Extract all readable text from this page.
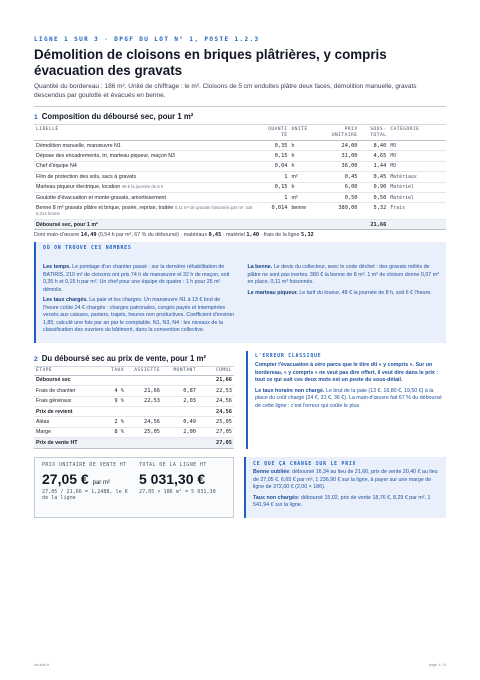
LIGNE 1 SUR 3 · DPGF DU LOT N° 1, POSTE 1.2.3
Démolition de cloisons en briques plâtrières, y compris évacuation des gravats

Quantité du bordereau : 186 m². Unité de chiffrage : le m². Cloisons de 5 cm enduites plâtre deux faces, démolition manuelle, gravats descendus par goulotte et évacués en benne.

1 Composition du déboursé sec, pour 1 m²
LIBELLÉ	QUANTI TÉ	UNITÉ	PRIX UNITAIRE	SOUS-TOTAL	CATÉGORIE
Démolition manuelle, manœuvre N1	0,35	h	24,00	8,40	MO
Dépose des encadrements, tri, marteau piqueur, maçon N3	0,15	h	31,00	4,65	MO
Chef d'équipe N4	0,04	h	36,00	1,44	MO
Film de protection des sols, sacs à gravats	1	m²	0,45	0,45	Matériaux
Marteau piqueur électrique, location 48 € la journée de 8 h	0,15	h	6,00	0,90	Matériel
Goulotte d'évacuation et monte-gravats, amortissement	1	m²	0,50	0,50	Matériel
Benne 8 m³ gravats plâtre et brique, posée, reprise, traitée 0,11 m³ de gravats foisonnés par m², soit 0,014 benne	0,014	benne	380,00	5,32	Frais
Déboursé sec, pour 1 m²				21,66	
Dont main-d'œuvre 14,49 (0,54 h par m², 67 % du déboursé) · matériaux 0,45 · matériel 1,40 · frais de la ligne 5,32
OÙ ON TROUVE CES NOMBRES

Les temps. Le pointage d'un chantier passé : sur la dernière réhabilitation de BATIRIS, 210 m² de cloisons ont pris 74 h de manœuvre et 32 h de maçon, soit 0,35 h et 0,15 h par m². Un chef pour une équipe de quatre : 1 h pour 25 m² démolis.

Les taux chargés. La paie et les charges. Un manœuvre N1 à 13 € brut de l'heure coûte 24 € chargés : charges patronales, congés payés et intempéries versés aux caisses, paniers, trajets, heures non productives. Coefficient d'environ 1,85, calculé une fois par an par le comptable. N1, N3, N4 : les niveaux de la classification des ouvriers du bâtiment, dans la convention collective.

La benne. Le devis du collecteur, avec le code déchet : des gravats mêlés de plâtre ne sont pas inertes. 380 € la benne de 8 m³. 1 m² de cloison donne 0,07 m³ en place, 0,11 m³ foisonnés.

Le marteau piqueur. Le tarif du loueur, 48 € la journée de 8 h, soit 6 € l'heure.

2 Du déboursé sec au prix de vente, pour 1 m²
ÉTAPE	TAUX	ASSIETTE	MONTANT	CUMUL
Déboursé sec				21,66
Frais de chantier	4 %	21,66	0,87	22,53
Frais généraux	9 %	22,53	2,03	24,56
Prix de revient				24,56
Aléas	2 %	24,56	0,49	25,05
Marge	8 %	25,05	2,00	27,05
Prix de vente HT				27,05
L'ERREUR CLASSIQUE

Compter l'évacuation à zéro parce que le titre dit « y compris ». Sur un bordereau, « y compris » ne veut pas dire offert, il veut dire dans le prix : tout ce qui suit ces deux mots est un poste du sous-détail.

Le taux horaire non chargé. Le brut de la paie (13 €, 16,80 €, 19,50 €) à la place du coût chargé (24 €, 31 €, 36 €). La main-d'œuvre fait 67 % du déboursé de cette ligne : c'est l'erreur qui coûte le plus.

PRIX UNITAIRE DE VENTE HT
27,05 € par m²
27,05 / 21,66 = 1,2488, le K de la ligne
TOTAL DE LA LIGNE HT
5 031,30 €
27,05 × 186 m² = 5 031,30
CE QUE ÇA CHANGE SUR LE PRIX

Benne oubliée: déboursé 16,34 au lieu de 21,66, prix de vente 20,40 € au lieu de 27,05 €, 6,65 € par m², 1 236,90 € sur la ligne, à payer sur une marge de ligne de 372,00 € (2,00 × 186).

Taux non chargés: déboursé 15,02, prix de vente 18,76 €, 8,29 € par m², 1 541,94 € sur la ligne.

double-fr	page 4 / 6
